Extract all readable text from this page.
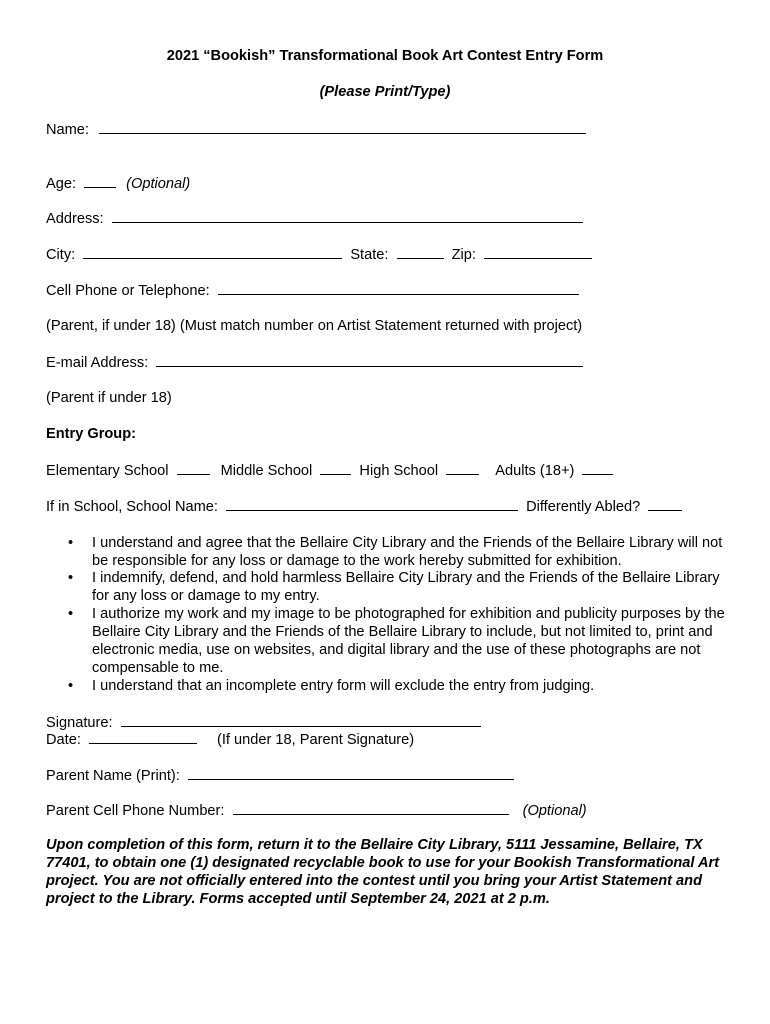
2021 “Bookish” Transformational Book Art Contest Entry Form
(Please Print/Type)
Name:
Age:	(Optional)
Address:
City:	State:	Zip:
Cell Phone or Telephone:
(Parent, if under 18) (Must match number on Artist Statement returned with project)
E-mail Address:
(Parent if under 18)
Entry Group:
Elementary School	Middle School	High School	Adults (18+)
If in School, School Name:	Differently Abled?
• I understand and agree that the Bellaire City Library and the Friends of the Bellaire Library will not be responsible for any loss or damage to the work hereby submitted for exhibition.
• I indemnify, defend, and hold harmless Bellaire City Library and the Friends of the Bellaire Library for any loss or damage to my entry.
• I authorize my work and my image to be photographed for exhibition and publicity purposes by the Bellaire City Library and the Friends of the Bellaire Library to include, but not limited to, print and electronic media, use on websites, and digital library and the use of these photographs are not compensable to me.
• I understand that an incomplete entry form will exclude the entry from judging.
Signature:
Date:	(If under 18, Parent Signature)
Parent Name (Print):
Parent Cell Phone Number:	(Optional)
Upon completion of this form, return it to the Bellaire City Library, 5111 Jessamine, Bellaire, TX 77401, to obtain one (1) designated recyclable book to use for your Bookish Transformational Art project. You are not officially entered into the contest until you bring your Artist Statement and project to the Library. Forms accepted until September 24, 2021 at 2 p.m.
